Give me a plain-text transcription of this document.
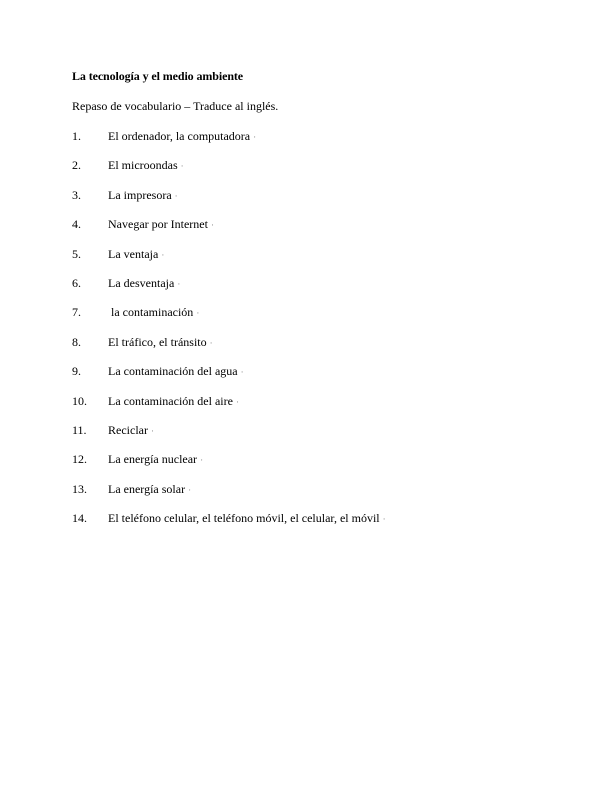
La tecnología y el medio ambiente
Repaso de vocabulario – Traduce al inglés.
1.	El ordenador, la computadora ·
2.	El microondas ·
3.	La impresora ·
4.	Navegar por Internet ·
5.	La ventaja ·
6.	La desventaja ·
7.	la contaminación ·
8.	El tráfico, el tránsito ·
9.	La contaminación del agua ·
10.	La contaminación del aire ·
11.	Reciclar ·
12.	La energía nuclear ·
13.	La energía solar ·
14.	El teléfono celular, el teléfono móvil, el celular, el móvil ·
